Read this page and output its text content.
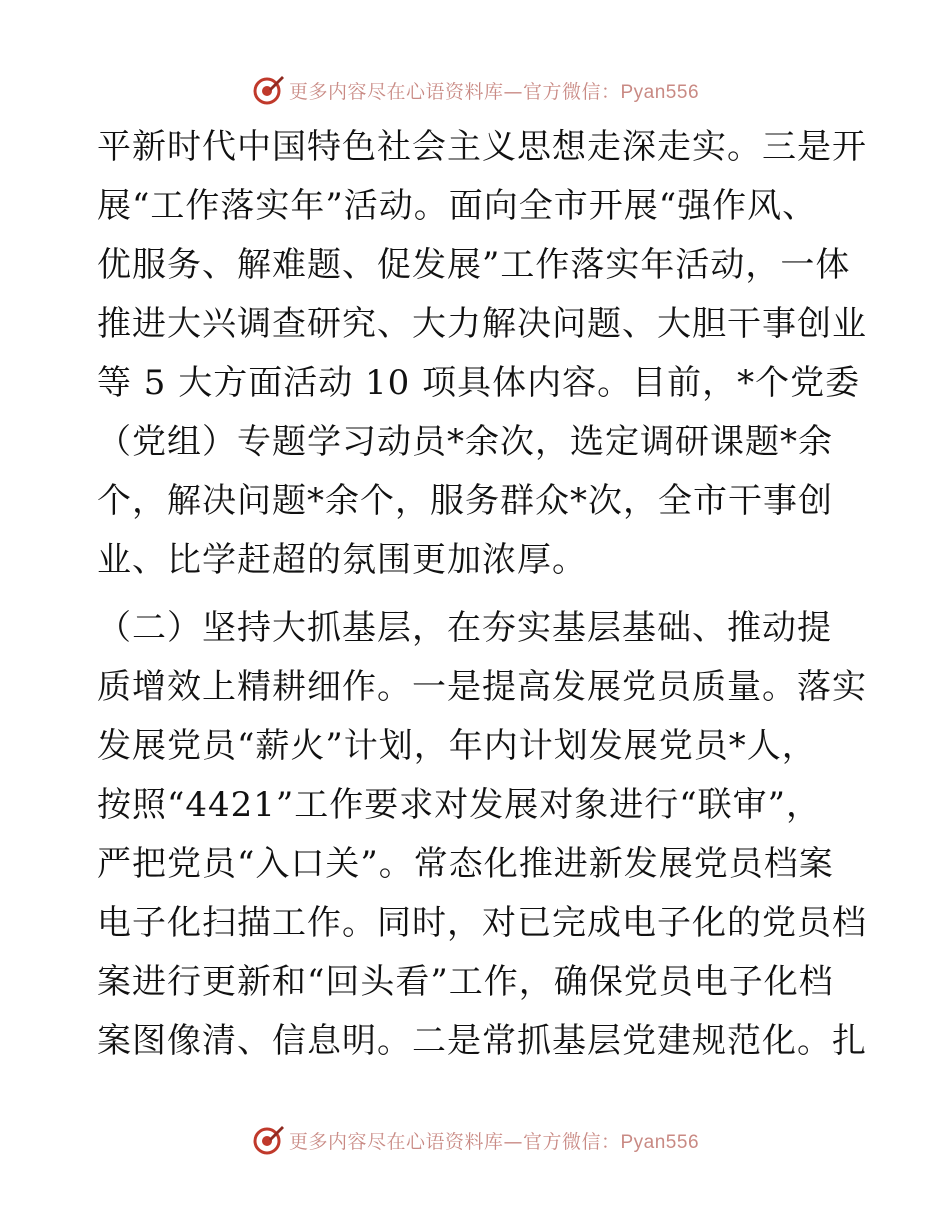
更多内容尽在心语资料库—官方微信：Pyan556
平新时代中国特色社会主义思想走深走实。三是开
展“工作落实年”活动。面向全市开展“强作风、
优服务、解难题、促发展”工作落实年活动，一体
推进大兴调查研究、大力解决问题、大胆干事创业
等 5 大方面活动 10 项具体内容。目前，*个党委
（党组）专题学习动员*余次，选定调研课题*余
个，解决问题*余个，服务群众*次，全市干事创
业、比学赶超的氛围更加浓厚。
（二）坚持大抓基层，在夯实基层基础、推动提
质增效上精耕细作。一是提高发展党员质量。落实
发展党员“薪火”计划，年内计划发展党员*人，
按照“4421”工作要求对发展对象进行“联审”，
严把党员“入口关”。常态化推进新发展党员档案
电子化扫描工作。同时，对已完成电子化的党员档
案进行更新和“回头看”工作，确保党员电子化档
案图像清、信息明。二是常抓基层党建规范化。扎
更多内容尽在心语资料库—官方微信：Pyan556
